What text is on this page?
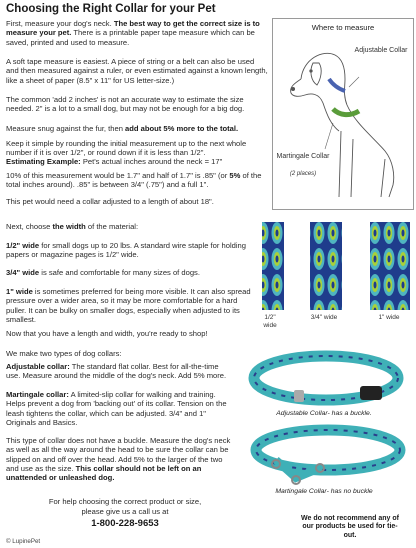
Choosing the Right Collar for your Pet
First, measure your dog's neck. The best way to get the correct size is to measure your pet. There is a printable paper tape measure which can be saved, printed and used to measure.
A soft tape measure is easiest. A piece of string or a belt can also be used and then measured against a ruler, or even estimated against a known length, like a sheet of paper (8.5" x 11" for US letter-size.)
The common 'add 2 inches' is not an accurate way to estimate the size needed. 2" is a lot to a small dog, but may not be enough for a big dog.
Measure snug against the fur, then add about 5% more to the total.
Keep it simple by rounding the initial measurement up to the next whole number if it is over 1/2", or round down if it is less than 1/2".
Estimating Example: Pet's actual inches around the neck = 17"
10% of this measurement would be 1.7" and half of 1.7" is .85" (or 5% of the total inches around). .85" is between 3/4" (.75") and a full 1".
This pet would need a collar adjusted to a length of about 18".
Where to measure
Adjustable Collar
Martingale Collar
(2 places)
Next, choose the width of the material:
1/2" wide for small dogs up to 20 lbs. A standard wire staple for holding papers or magazine pages is 1/2" wide.
3/4" wide is safe and comfortable for many sizes of dogs.
1" wide is sometimes preferred for being more visible. It can also spread pressure over a wider area, so it may be more comfortable for a hard puller. It can be bulky on smaller dogs, especially when adjusted to its smallest.
Now that you have a length and width, you're ready to shop!
1/2" wide
3/4" wide	1" wide
We make two types of dog collars:
Adjustable collar: The standard flat collar. Best for all-the-time use. Measure around the middle of the dog's neck. Add 5% more.
Martingale collar: A limited-slip collar for walking and training. Helps prevent a dog from 'backing out' of its collar. Tension on the leash tightens the collar, which can be adjusted. 3/4" and 1" Originals and Basics.
This type of collar does not have a buckle. Measure the dog's neck as well as all the way around the head to be sure the collar can be slipped on and off over the head. Add 5% to the larger of the two and use as the size. This collar should not be left on an unattended or unleashed dog.
Adjustable Collar- has a buckle.
Martingale Collar- has no buckle
For help choosing the correct product or size,
please give us a call us at
1-800-228-9653	We do not recommend any of our products be used for tie-out.
© LupinePet
